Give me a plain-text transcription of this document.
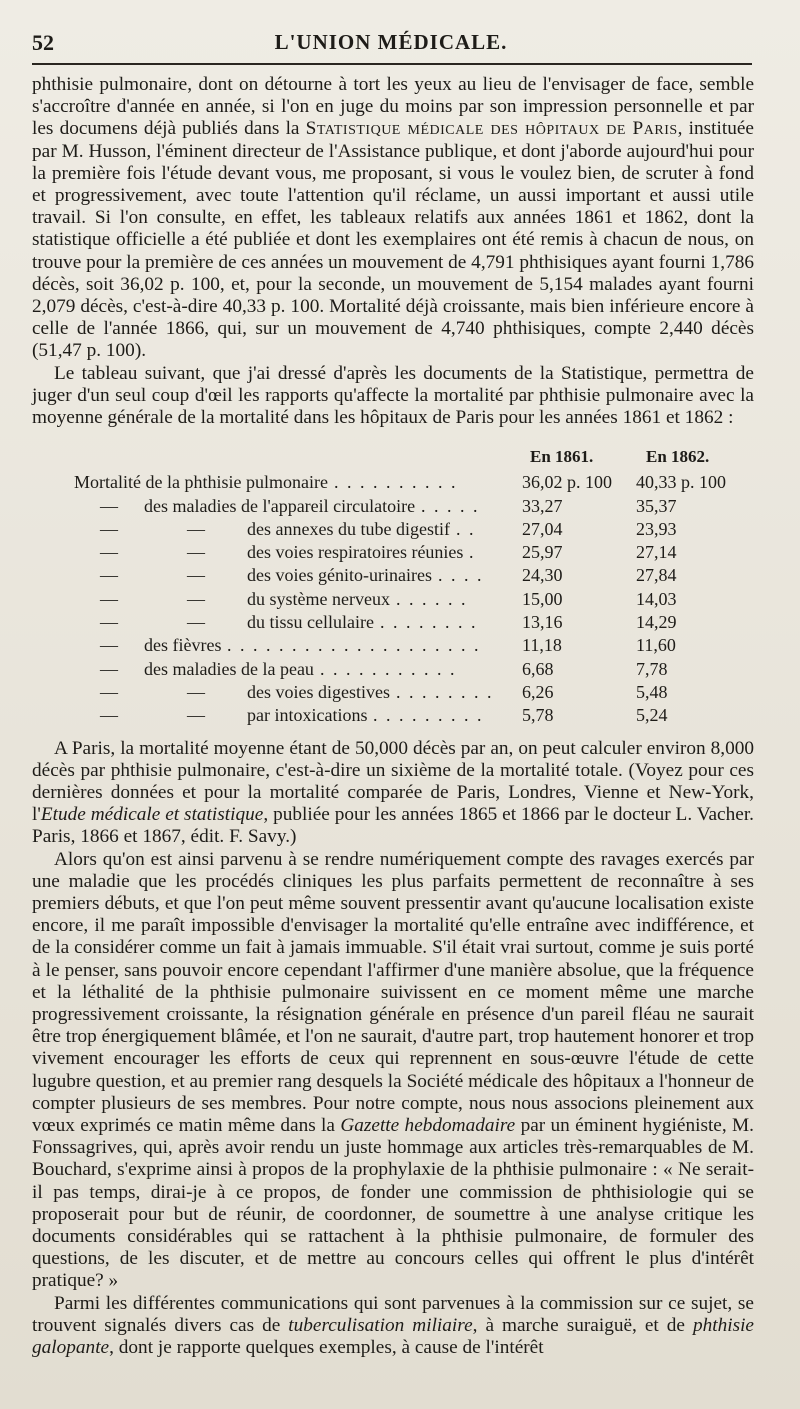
52	L'UNION MÉDICALE.

phthisie pulmonaire, dont on détourne à tort les yeux au lieu de l'envisager de face, semble s'accroître d'année en année, si l'on en juge du moins par son impression personnelle et par les documens déjà publiés dans la Statistique médicale des hôpitaux de Paris, instituée par M. Husson, l'éminent directeur de l'Assistance publique, et dont j'aborde aujourd'hui pour la première fois l'étude devant vous, me proposant, si vous le voulez bien, de scruter à fond et progressivement, avec toute l'attention qu'il réclame, un aussi important et aussi utile travail. Si l'on consulte, en effet, les tableaux relatifs aux années 1861 et 1862, dont la statistique officielle a été publiée et dont les exemplaires ont été remis à chacun de nous, on trouve pour la première de ces années un mouvement de 4,791 phthisiques ayant fourni 1,786 décès, soit 36,02 p. 100, et, pour la seconde, un mouvement de 5,154 malades ayant fourni 2,079 décès, c'est-à-dire 40,33 p. 100. Mortalité déjà croissante, mais bien inférieure encore à celle de l'année 1866, qui, sur un mouvement de 4,740 phthisiques, compte 2,440 décès (51,47 p. 100).

Le tableau suivant, que j'ai dressé d'après les documents de la Statistique, permettra de juger d'un seul coup d'œil les rapports qu'affecte la mortalité par phthisie pulmonaire avec la moyenne générale de la mortalité dans les hôpitaux de Paris pour les années 1861 et 1862 :

En 1861.	En 1862.
Mortalité de la phthisie pulmonaire . . . . . . . . . .	36,02 p. 100	40,33 p. 100
— des maladies de l'appareil circulatoire . . . . . 33,27	35,37
—	— des annexes du tube digestif . .	27,04	23,93
—	— des voies respiratoires réunies .	25,97	27,14
—	— des voies génito-urinaires . . . . 24,30	27,84
—	— du système nerveux . . . . . .	15,00	14,03
—	— du tissu cellulaire . . . . . . . . 13,16	14,29
— des fièvres . . . . . . . . . . . . . . . . . . . . 11,18	11,60
— des maladies de la peau . . . . . . . . . . .	6,68	7,78
—	— des voies digestives . . . . . . . . 6,26	5,48
—	— par intoxications . . . . . . . . . 5,78	5,24

A Paris, la mortalité moyenne étant de 50,000 décès par an, on peut calculer environ 8,000 décès par phthisie pulmonaire, c'est-à-dire un sixième de la mortalité totale. (Voyez pour ces dernières données et pour la mortalité comparée de Paris, Londres, Vienne et New-York, l'Etude médicale et statistique, publiée pour les années 1865 et 1866 par le docteur L. Vacher. Paris, 1866 et 1867, édit. F. Savy.)

Alors qu'on est ainsi parvenu à se rendre numériquement compte des ravages exercés par une maladie que les procédés cliniques les plus parfaits permettent de reconnaître à ses premiers débuts, et que l'on peut même souvent pressentir avant qu'aucune localisation existe encore, il me paraît impossible d'envisager la mortalité qu'elle entraîne avec indifférence, et de la considérer comme un fait à jamais immuable. S'il était vrai surtout, comme je suis porté à le penser, sans pouvoir encore cependant l'affirmer d'une manière absolue, que la fréquence et la léthalité de la phthisie pulmonaire suivissent en ce moment même une marche progressivement croissante, la résignation générale en présence d'un pareil fléau ne saurait être trop énergiquement blâmée, et l'on ne saurait, d'autre part, trop hautement honorer et trop vivement encourager les efforts de ceux qui reprennent en sous-œuvre l'étude de cette lugubre question, et au premier rang desquels la Société médicale des hôpitaux a l'honneur de compter plusieurs de ses membres. Pour notre compte, nous nous associons pleinement aux vœux exprimés ce matin même dans la Gazette hebdomadaire par un éminent hygiéniste, M. Fonssagrives, qui, après avoir rendu un juste hommage aux articles très-remarquables de M. Bouchard, s'exprime ainsi à propos de la prophylaxie de la phthisie pulmonaire : « Ne serait-il pas temps, dirai-je à ce propos, de fonder une commission de phthisiologie qui se proposerait pour but de réunir, de coordonner, de soumettre à une analyse critique les documents considérables qui se rattachent à la phthisie pulmonaire, de formuler des questions, de les discuter, et de mettre au concours celles qui offrent le plus d'intérêt pratique? »

Parmi les différentes communications qui sont parvenues à la commission sur ce sujet, se trouvent signalés divers cas de tuberculisation miliaire, à marche suraiguë, et de phthisie galopante, dont je rapporte quelques exemples, à cause de l'intérêt
